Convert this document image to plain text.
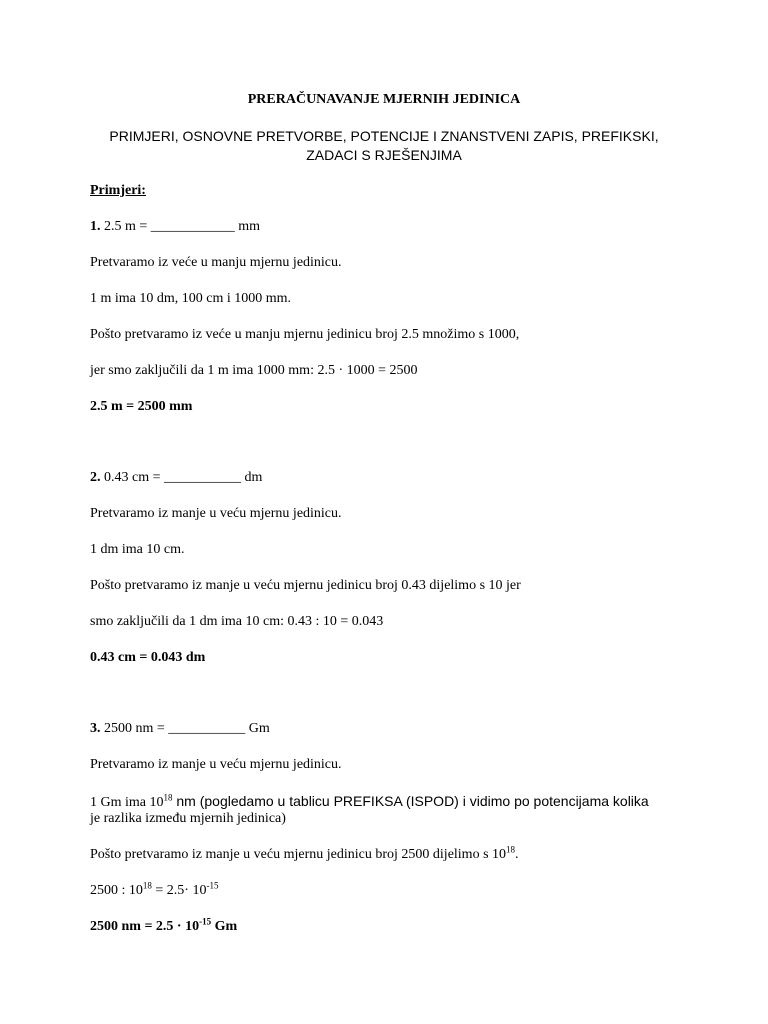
PRERAČUNAVANJE MJERNIH JEDINICA
PRIMJERI, OSNOVNE PRETVORBE, POTENCIJE I ZNANSTVENI ZAPIS, PREFIKSKI,
ZADACI S RJEŠENJIMA
Primjeri:
1. 2.5 m = ____________ mm
Pretvaramo iz veće u manju mjernu jedinicu.
1 m ima 10 dm, 100 cm i 1000 mm.
Pošto pretvaramo iz veće u manju mjernu jedinicu broj 2.5 množimo s 1000,
jer smo zaključili da 1 m ima 1000 mm: 2.5 · 1000 = 2500
2.5 m = 2500 mm
2. 0.43 cm = ___________ dm
Pretvaramo iz manje u veću mjernu jedinicu.
1 dm ima 10 cm.
Pošto pretvaramo iz manje u veću mjernu jedinicu broj 0.43 dijelimo s 10 jer
smo zaključili da 1 dm ima 10 cm: 0.43 : 10 = 0.043
0.43 cm = 0.043 dm
3. 2500 nm = ___________ Gm
Pretvaramo iz manje u veću mjernu jedinicu.
1 Gm ima $10^{18}$ nm (pogledamo u tablicu PREFIKSA (ISPOD) i vidimo po potencijama kolika
je razlika između mjernih jedinica)
Pošto pretvaramo iz manje u veću mjernu jedinicu broj 2500 dijelimo s $10^{18}$.
2500 : $10^{18} = 2.5\cdot 10^{-15}$
2500 nm = $2.5 \cdot 10^{-15}$ Gm
